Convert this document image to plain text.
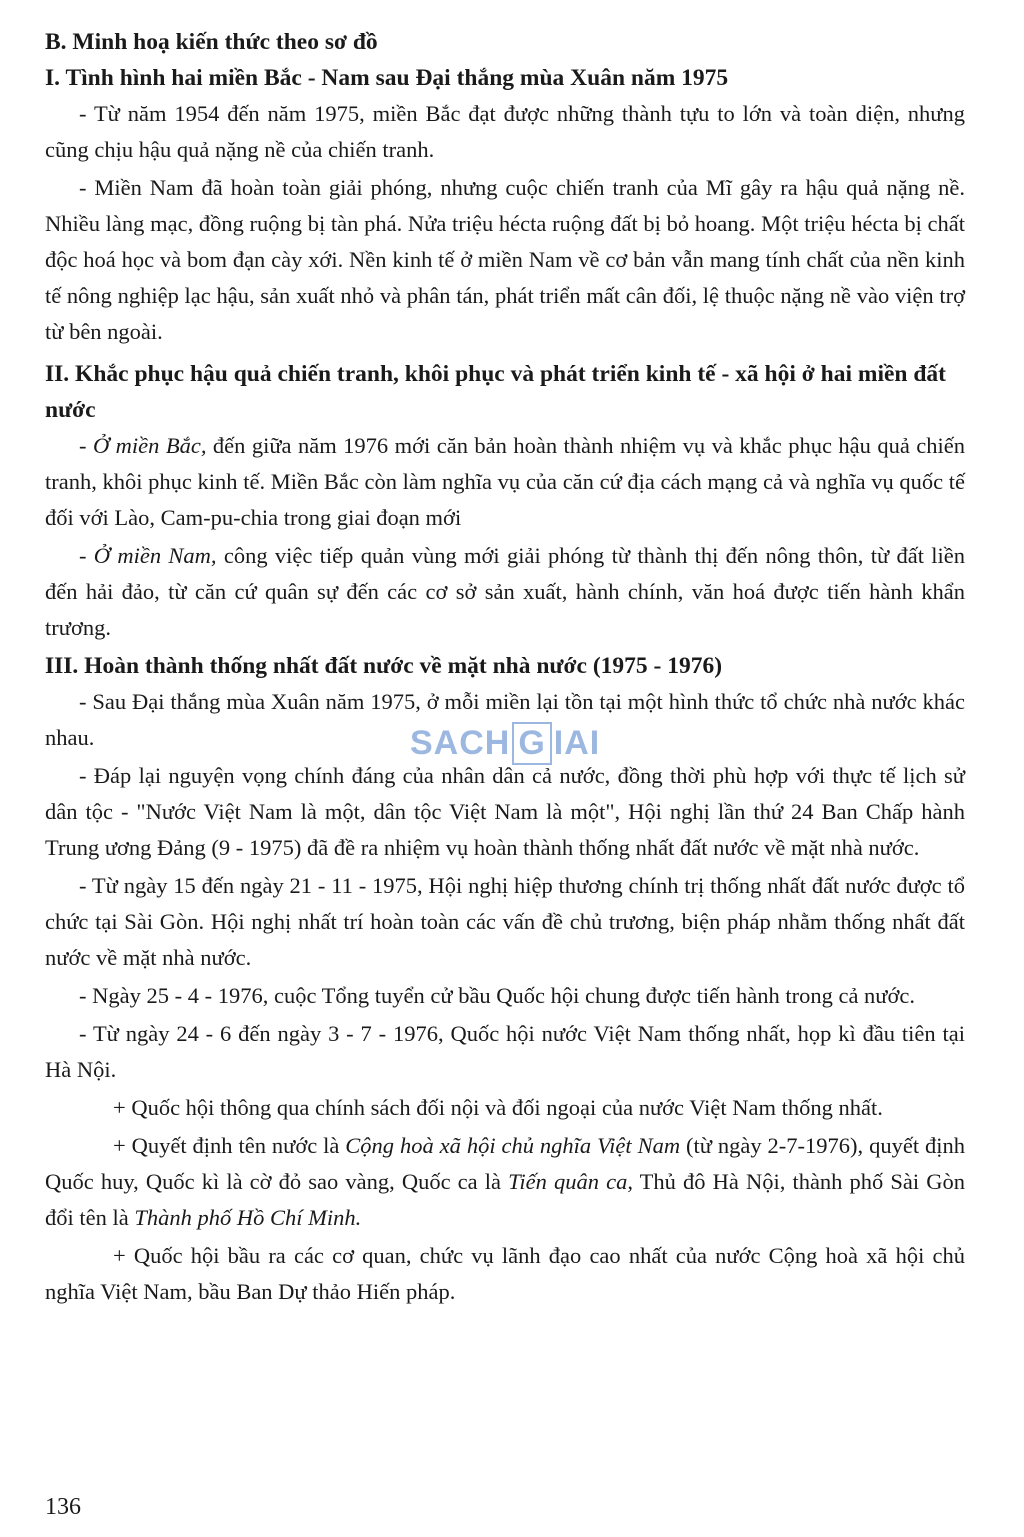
B. Minh hoạ kiến thức theo sơ đồ
I. Tình hình hai miền Bắc - Nam sau Đại thắng mùa Xuân năm 1975

- Từ năm 1954 đến năm 1975, miền Bắc đạt được những thành tựu to lớn và toàn diện, nhưng cũng chịu hậu quả nặng nề của chiến tranh.

- Miền Nam đã hoàn toàn giải phóng, nhưng cuộc chiến tranh của Mĩ gây ra hậu quả nặng nề. Nhiều làng mạc, đồng ruộng bị tàn phá. Nửa triệu hécta ruộng đất bị bỏ hoang. Một triệu hécta bị chất độc hoá học và bom đạn cày xới. Nền kinh tế ở miền Nam về cơ bản vẫn mang tính chất của nền kinh tế nông nghiệp lạc hậu, sản xuất nhỏ và phân tán, phát triển mất cân đối, lệ thuộc nặng nề vào viện trợ từ bên ngoài.

II. Khắc phục hậu quả chiến tranh, khôi phục và phát triển kinh tế - xã hội ở hai miền đất nước

- Ở miền Bắc, đến giữa năm 1976 mới căn bản hoàn thành nhiệm vụ và khắc phục hậu quả chiến tranh, khôi phục kinh tế. Miền Bắc còn làm nghĩa vụ của căn cứ địa cách mạng cả và nghĩa vụ quốc tế đối với Lào, Cam-pu-chia trong giai đoạn mới

- Ở miền Nam, công việc tiếp quản vùng mới giải phóng từ thành thị đến nông thôn, từ đất liền đến hải đảo, từ căn cứ quân sự đến các cơ sở sản xuất, hành chính, văn hoá được tiến hành khẩn trương.

III. Hoàn thành thống nhất đất nước về mặt nhà nước (1975 - 1976)

- Sau Đại thắng mùa Xuân năm 1975, ở mỗi miền lại tồn tại một hình thức tổ chức nhà nước khác nhau.

- Đáp lại nguyện vọng chính đáng của nhân dân cả nước, đồng thời phù hợp với thực tế lịch sử dân tộc - "Nước Việt Nam là một, dân tộc Việt Nam là một", Hội nghị lần thứ 24 Ban Chấp hành Trung ương Đảng (9 - 1975) đã đề ra nhiệm vụ hoàn thành thống nhất đất nước về mặt nhà nước.

- Từ ngày 15 đến ngày 21 - 11 - 1975, Hội nghị hiệp thương chính trị thống nhất đất nước được tổ chức tại Sài Gòn. Hội nghị nhất trí hoàn toàn các vấn đề chủ trương, biện pháp nhằm thống nhất đất nước về mặt nhà nước.

- Ngày 25 - 4 - 1976, cuộc Tổng tuyển cử bầu Quốc hội chung được tiến hành trong cả nước.

- Từ ngày 24 - 6 đến ngày 3 - 7 - 1976, Quốc hội nước Việt Nam thống nhất, họp kì đầu tiên tại Hà Nội.

+ Quốc hội thông qua chính sách đối nội và đối ngoại của nước Việt Nam thống nhất.

+ Quyết định tên nước là Cộng hoà xã hội chủ nghĩa Việt Nam (từ ngày 2-7-1976), quyết định Quốc huy, Quốc kì là cờ đỏ sao vàng, Quốc ca là Tiến quân ca, Thủ đô Hà Nội, thành phố Sài Gòn đổi tên là Thành phố Hồ Chí Minh.

+ Quốc hội bầu ra các cơ quan, chức vụ lãnh đạo cao nhất của nước Cộng hoà xã hội chủ nghĩa Việt Nam, bầu Ban Dự thảo Hiến pháp.

SACH G IAI
136
